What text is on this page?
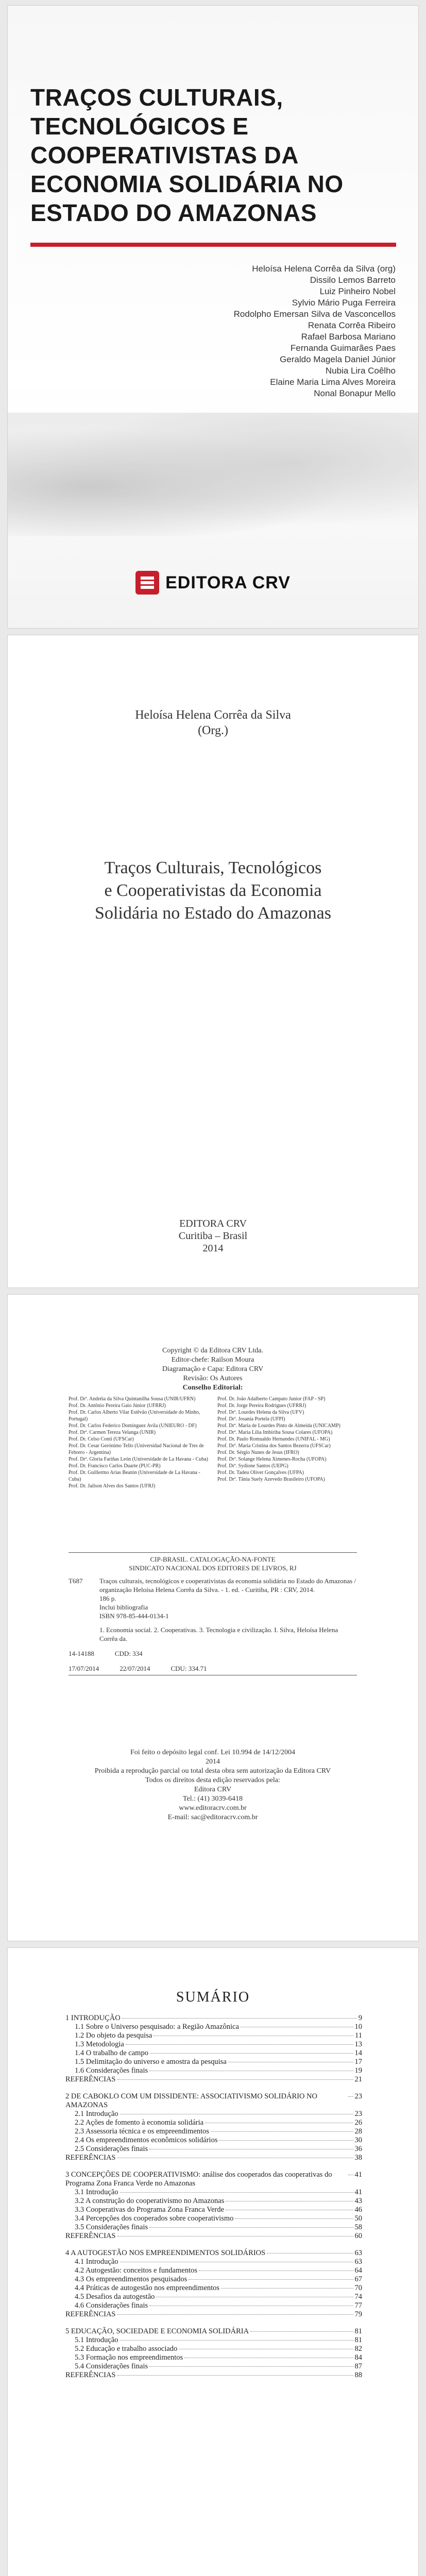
TRAÇOS CULTURAIS,
TECNOLÓGICOS E
COOPERATIVISTAS DA
ECONOMIA SOLIDÁRIA NO
ESTADO DO AMAZONAS
Heloísa Helena Corrêa da Silva (org)
Dissilo Lemos Barreto
Luiz Pinheiro Nobel
Sylvio Mário Puga Ferreira
Rodolpho Emersan Silva de Vasconcellos
Renata Corrêa Ribeiro
Rafael Barbosa Mariano
Fernanda Guimarães Paes
Geraldo Magela Daniel Júnior
Nubia Lira Coêlho
Elaine Maria Lima Alves Moreira
Nonal Bonapur Mello
EDITORA CRV
Heloísa Helena Corrêa da Silva
(Org.)
Traços Culturais, Tecnológicos
e Cooperativistas da Economia
Solidária no Estado do Amazonas
EDITORA CRV
Curitiba – Brasil
2014
Copyright © da Editora CRV Ltda.
Editor-chefe: Railson Moura
Diagramação e Capa: Editora CRV
Revisão: Os Autores
Conselho Editorial:
Prof. Drª. Andréia da Silva Quintanilha Sousa (UNIR/UFRN)
Prof. Dr. Antônio Pereira Gaio Júnior (UFRRJ)
Prof. Dr. Carlos Alberto Vilar Estêvão (Universidade do Minho, Portugal)
Prof. Dr. Carlos Federico Dominguez Avila (UNIEURO - DF)
Prof. Drª. Carmen Tereza Velanga (UNIR)
Prof. Dr. Celso Conti (UFSCar)
Prof. Dr. Cesar Gerónimo Tello (Universidad Nacional de Tres de Febrero - Argentina)
Prof. Drª. Gloria Fariñas León (Universidade de La Havana - Cuba)
Prof. Dr. Francisco Carlos Duarte (PUC-PR)
Prof. Dr. Guillermo Arias Beatón (Universidade de La Havana - Cuba)
Prof. Dr. Jailson Alves dos Santos (UFRJ)
Prof. Dr. João Adalberto Campato Junior (FAP - SP)
Prof. Dr. Jorge Pereira Rodrigues (UFRRJ)
Prof. Drª. Lourdes Helena da Silva (UFV)
Prof. Drª. Josania Portela (UFPI)
Prof. Drª. Maria de Lourdes Pinto de Almeida (UNICAMP)
Prof. Drª. Maria Lília Imbiriba Sousa Colares (UFOPA)
Prof. Dr. Paulo Romualdo Hernandes (UNIFAL - MG)
Prof. Drª. Maria Cristina dos Santos Bezerra (UFSCar)
Prof. Dr. Sérgio Nunes de Jesus (IFRO)
Prof. Drª. Solange Helena Ximenes-Rocha (UFOPA)
Prof. Drª. Sydione Santos (UEPG)
Prof. Dr. Tadeu Oliver Gonçalves (UFPA)
Prof. Drª. Tânia Suely Azevedo Brasileiro (UFOPA)
CIP-BRASIL. CATALOGAÇÃO-NA-FONTE
SINDICATO NACIONAL DOS EDITORES DE LIVROS, RJ
T687	Traços culturais, tecnológicos e cooperativistas da economia solidária no Estado do Amazonas / organização Heloísa Helena Corrêa da Silva. - 1. ed. - Curitiba, PR : CRV, 2014.
186 p.
Inclui bibliografia
ISBN 978-85-444-0134-1
1. Economia social. 2. Cooperativas. 3. Tecnologia e civilização. I. Silva, Heloísa Helena Corrêa da.
14-14188	CDD: 334
17/07/2014	22/07/2014	CDU: 334.71
Foi feito o depósito legal conf. Lei 10.994 de 14/12/2004
2014
Proibida a reprodução parcial ou total desta obra sem autorização da Editora CRV
Todos os direitos desta edição reservados pela:
Editora CRV
Tel.: (41) 3039-6418
www.editoracrv.com.br
E-mail: sac@editoracrv.com.br
SUMÁRIO
1 INTRODUÇÃO	9
1.1 Sobre o Universo pesquisado: a Região Amazônica	10
1.2 Do objeto da pesquisa	11
1.3 Metodologia	13
1.4 O trabalho de campo	14
1.5 Delimitação do universo e amostra da pesquisa	17
1.6 Considerações finais	19
REFERÊNCIAS	21
2 DE CABOKLO COM UM DISSIDENTE: ASSOCIATIVISMO SOLIDÁRIO NO AMAZONAS
23
2.1 Introdução	23
2.2 Ações de fomento à economia solidária	26
2.3 Assessoria técnica e os empreendimentos	28
2.4 Os empreendimentos econômicos solidários	30
2.5 Considerações finais	36
REFERÊNCIAS	38
3 CONCEPÇÕES DE COOPERATIVISMO: análise dos cooperados das cooperativas do Programa Zona Franca Verde no Amazonas
41
3.1 Introdução	41
3.2 A construção do cooperativismo no Amazonas	43
3.3 Cooperativas do Programa Zona Franca Verde	46
3.4 Percepções dos cooperados sobre cooperativismo	50
3.5 Considerações finais	58
REFERÊNCIAS	60
4 A AUTOGESTÃO NOS EMPREENDIMENTOS SOLIDÁRIOS	63
4.1 Introdução	63
4.2 Autogestão: conceitos e fundamentos	64
4.3 Os empreendimentos pesquisados	67
4.4 Práticas de autogestão nos empreendimentos	70
4.5 Desafios da autogestão	74
4.6 Considerações finais	77
REFERÊNCIAS	79
5 EDUCAÇÃO, SOCIEDADE E ECONOMIA SOLIDÁRIA	81
5.1 Introdução	81
5.2 Educação e trabalho associado	82
5.3 Formação nos empreendimentos	84
5.4 Considerações finais	87
REFERÊNCIAS	88
